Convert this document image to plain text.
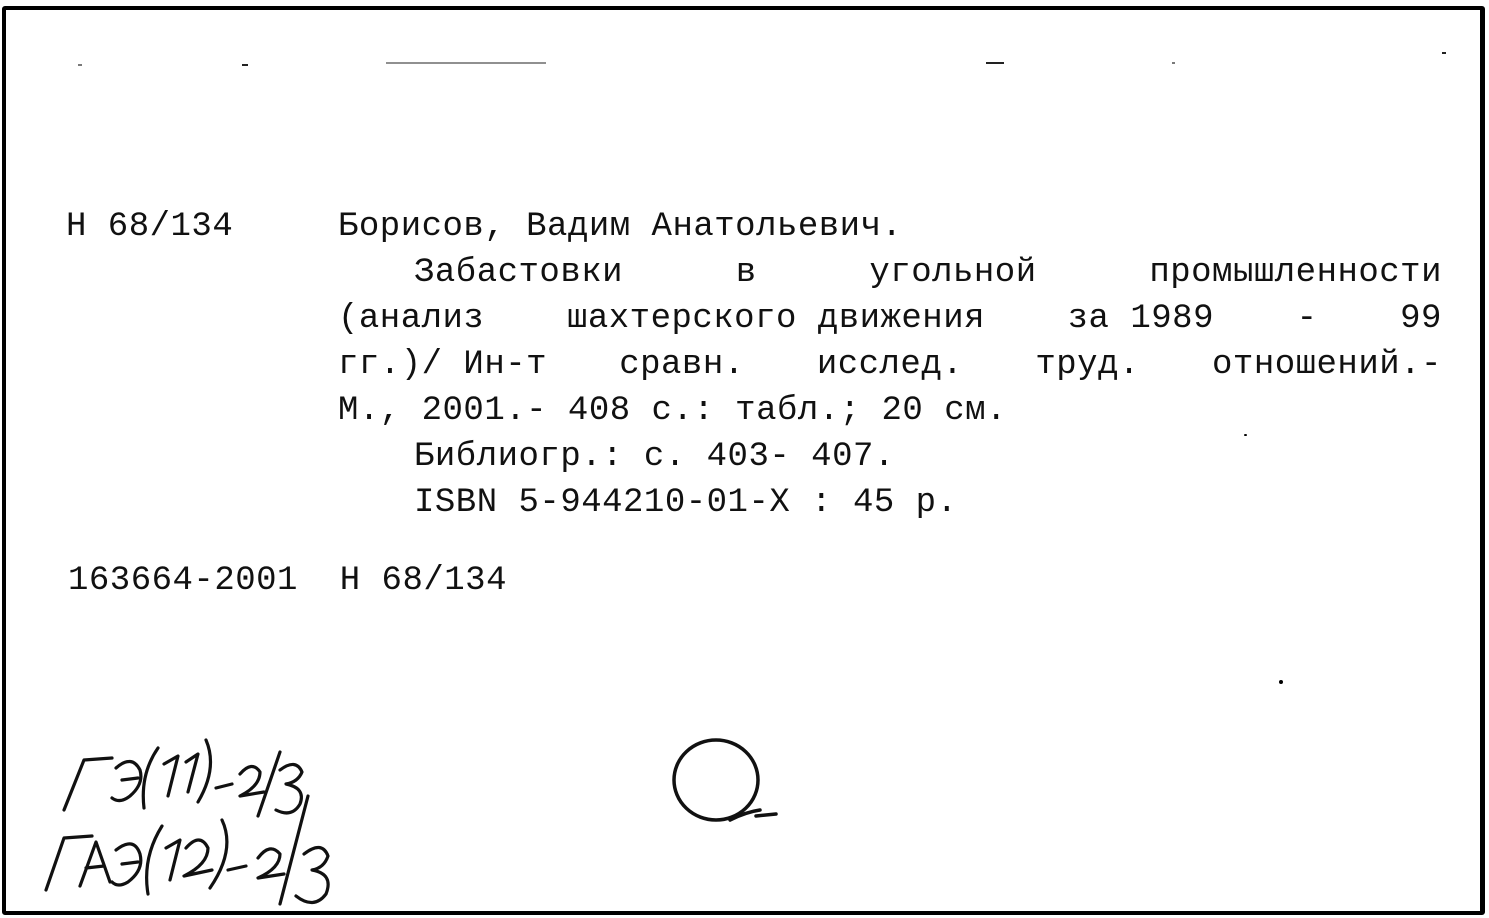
Н 68/134	Борисов, Вадим Анатольевич.
Забастовки	в	угольной	промышленности
(анализ шахтерского движения за 1989 - 99
гг.)/ Ин-т сравн. исслед. труд. отношений.-
М., 2001.- 408 с.: табл.; 20 см.
Библиогр.: с. 403- 407.
ISBN 5-944210-01-X : 45 р.
163664-2001  Н 68/134
